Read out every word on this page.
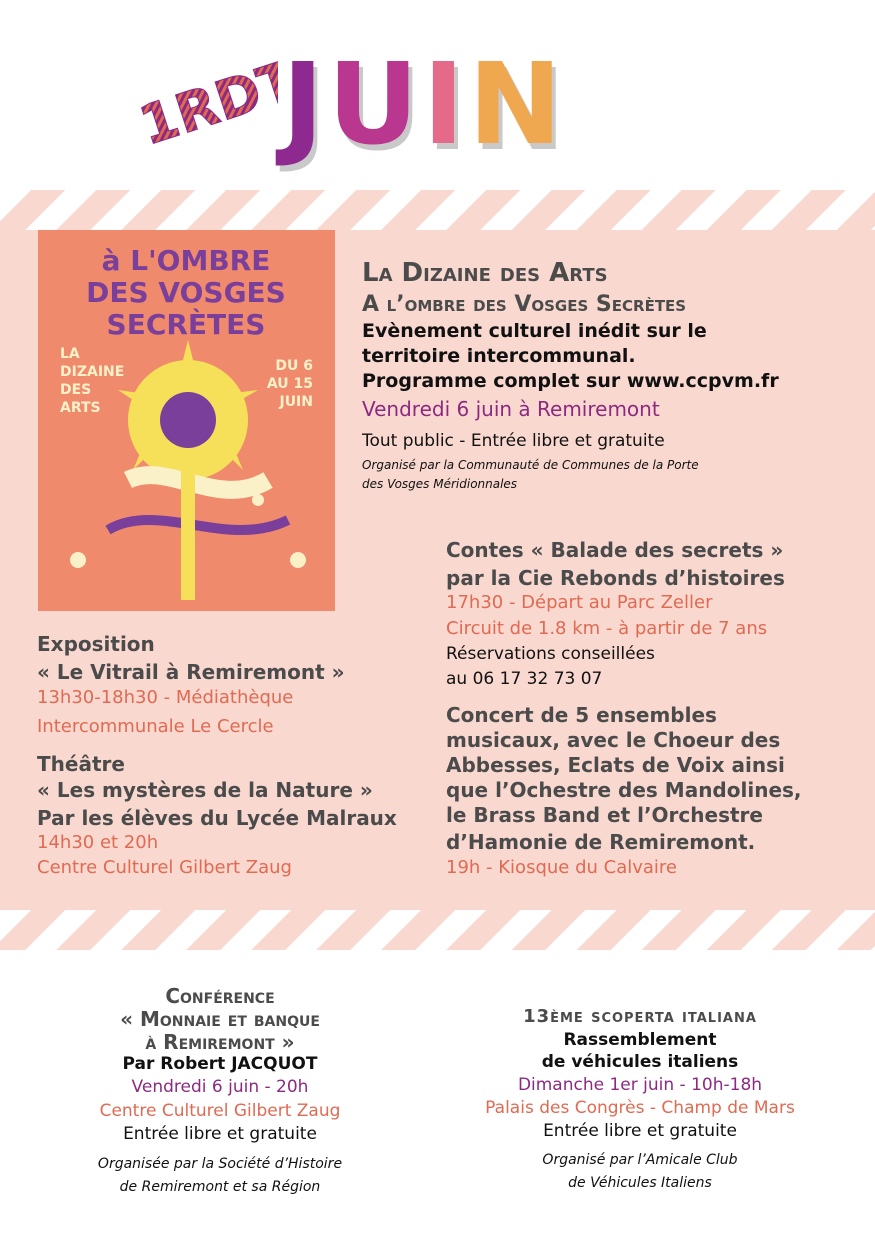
1RDT
J U I N
à L'OMBRE
DES VOSGES
SECRÈTES
LA
DIZAINE
DES
ARTS
DU 6
AU 15
JUIN
La Dizaine des Arts
A l’ombre des Vosges Secrètes
Evènement culturel inédit sur le
territoire intercommunal.
Programme complet sur www.ccpvm.fr
Vendredi 6 juin à Remiremont
Tout public - Entrée libre et gratuite
Organisé par la Communauté de Communes de la Porte
des Vosges Méridionnales
Contes « Balade des secrets »
par la Cie Rebonds d’histoires
17h30 - Départ au Parc Zeller
Circuit de 1.8 km - à partir de 7 ans
Réservations conseillées
au 06 17 32 73 07
Concert de 5 ensembles
musicaux, avec le Choeur des
Abbesses, Eclats de Voix ainsi
que l’Ochestre des Mandolines,
le Brass Band et l’Orchestre
d’Hamonie de Remiremont.
19h - Kiosque du Calvaire
Exposition
« Le Vitrail à Remiremont »
13h30-18h30 - Médiathèque
Intercommunale Le Cercle
Théâtre
« Les mystères de la Nature »
Par les élèves du Lycée Malraux
14h30 et 20h
Centre Culturel Gilbert Zaug
Conférence
« Monnaie et banque
à Remiremont »
Par Robert JACQUOT
Vendredi 6 juin - 20h
Centre Culturel Gilbert Zaug
Entrée libre et gratuite
Organisée par la Société d’Histoire
de Remiremont et sa Région
13ème scoperta italiana
Rassemblement
de véhicules italiens
Dimanche 1er juin - 10h-18h
Palais des Congrès - Champ de Mars
Entrée libre et gratuite
Organisé par l’Amicale Club
de Véhicules Italiens
